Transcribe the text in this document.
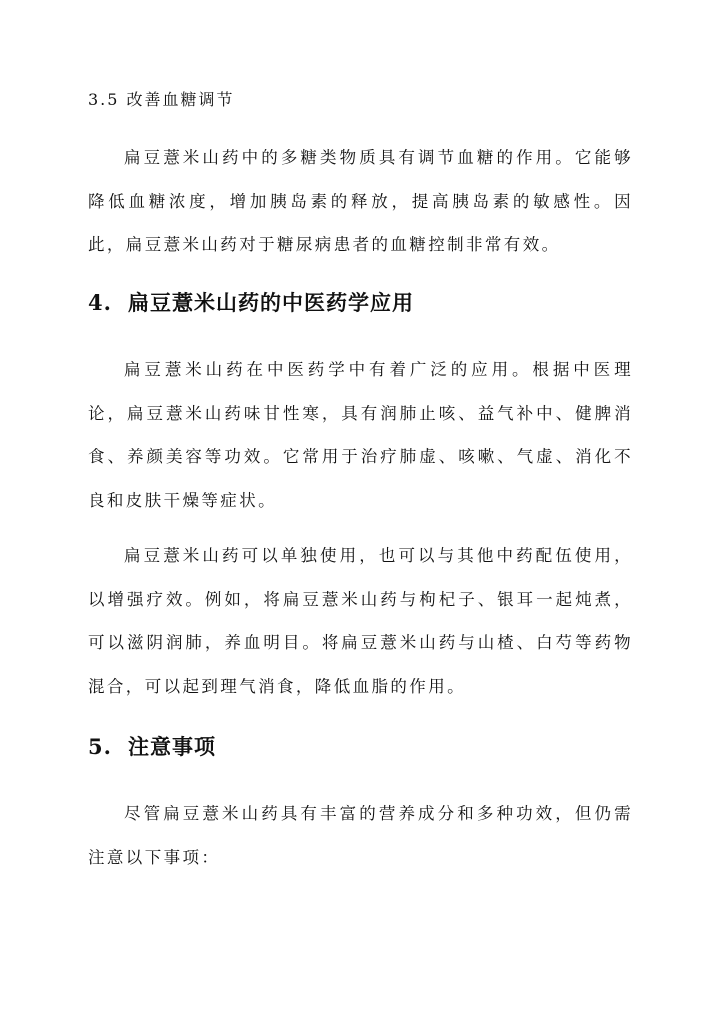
3.5 改善血糖调节

扁豆薏米山药中的多糖类物质具有调节血糖的作用。它能够降低血糖浓度，增加胰岛素的释放，提高胰岛素的敏感性。因此，扁豆薏米山药对于糖尿病患者的血糖控制非常有效。

4. 扁豆薏米山药的中医药学应用

扁豆薏米山药在中医药学中有着广泛的应用。根据中医理论，扁豆薏米山药味甘性寒，具有润肺止咳、益气补中、健脾消食、养颜美容等功效。它常用于治疗肺虚、咳嗽、气虚、消化不良和皮肤干燥等症状。

扁豆薏米山药可以单独使用，也可以与其他中药配伍使用，以增强疗效。例如，将扁豆薏米山药与枸杞子、银耳一起炖煮，可以滋阴润肺，养血明目。将扁豆薏米山药与山楂、白芍等药物混合，可以起到理气消食，降低血脂的作用。

5. 注意事项

尽管扁豆薏米山药具有丰富的营养成分和多种功效，但仍需注意以下事项：
